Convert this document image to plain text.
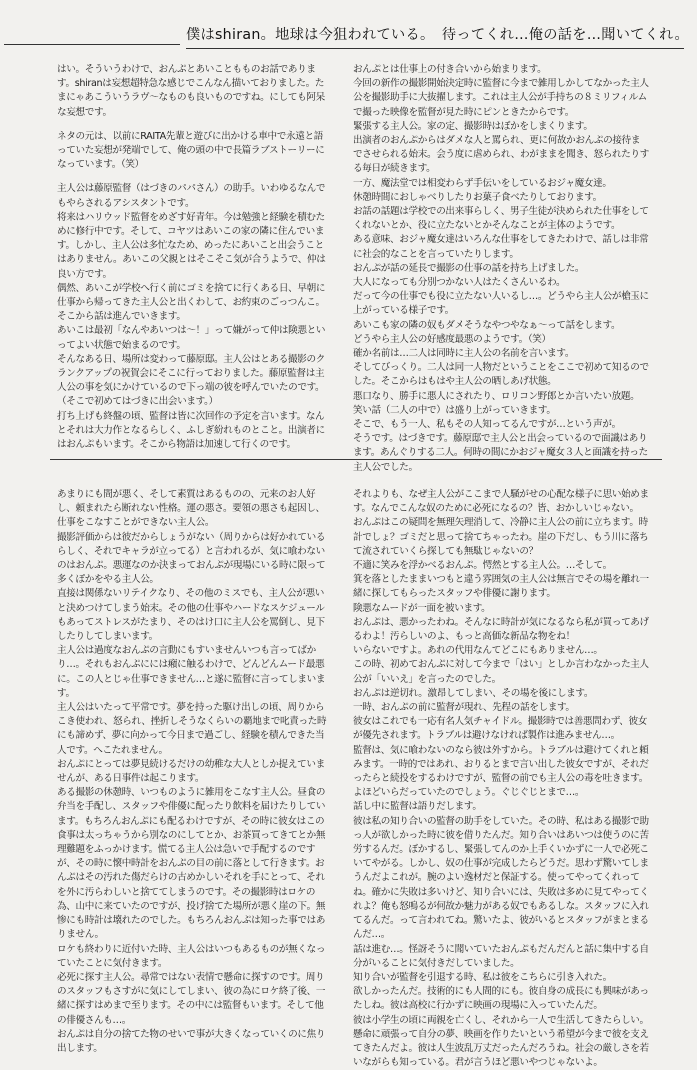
僕はshiran。地球は今狙われている。　待ってくれ…俺の話を…聞いてくれ。

はい。そういうわけで、おんぷとあいこともものお話であります。shiranは妄想超特急な感じでこんなん描いておりました。たまにゃあこういうラヴ～なものも良いものですね。にしても阿呆な妄想です。

ネタの元は、以前にRAITA先輩と遊びに出かける車中で永遠と語っていた妄想が発端でして、俺の頭の中で長篇ラブストーリーになっています。（笑）

主人公は藤原監督（はづきのパパさん）の助手。いわゆるなんでもやらされるアシスタントです。
将来はハリウッド監督をめざす好青年。今は勉強と経験を積むために修行中です。そして、コヤツはあいこの家の隣に住んでいます。しかし、主人公は多忙なため、めったにあいこと出会うことはありません。あいこの父親とはそこそこ気が合うようで、仲は良い方です。
偶然、あいこが学校へ行く前にゴミを捨てに行くある日、早朝に仕事から帰ってきた主人公と出くわして、お約束のごっつんこ。そこから話は進んでいきます。
あいこは最初「なんやあいつは～！」って嫌がって仲は険悪といってよい状態で始まるのです。
そんなある日、場所は変わって藤原邸。主人公はとある撮影のクランクアップの祝賀会にそこに行っておりました。藤原監督は主人公の事を気にかけているので下っ端の彼を呼んでいたのです。（そこで初めてはづきに出会います。）
打ち上げも終盤の頃、監督は皆に次回作の予定を言います。なんとそれは大力作となるらしく、ふしぎ紛れものとこと。出演者にはおんぷもいます。そこから物語は加速して行くのです。

おんぷとは仕事上の付き合いから始まります。
今回の新作の撮影開始決定時に監督に今まで雑用しかしてなかった主人公を撮影助手に大抜擢します。これは主人公が手持ちの８ミリフィルムで撮った映像を監督が見た時にピンときたからです。
緊張する主人公。家の定、撮影時はぼかをしまくります。
出演者のおんぷからはダメな人と罵られ、更に何故かおんぷの接待までさせられる始末。会う度に虐められ、わがままを聞き、怒られたりする毎日が続きます。
一方、魔法堂では相変わらず手伝いをしているおジャ魔女達。
休憩時間におしゃべりしたりお菓子食べたりしております。
お話の話題は学校での出来事らしく、男子生徒が決められた仕事をしてくれないとか、役に立たないとかそんなことが主体のようです。
ある意味、おジャ魔女達はいろんな仕事をしてきたわけで、話しは非常に社会的なことを言っていたりします。
おんぷが話の延長で撮影の仕事の話を持ち上げました。
大人になっても分別つかない人はたくさんいるわ。
だって今の仕事でも役に立たない人いるし…。どうやら主人公が槍玉に上がっている様子です。
あいこも家の隣の奴もダメそうなやつやなぁ～って話をします。
どうやら主人公の好感度最悪のようです。（笑）
確か名前は…二人は同時に主人公の名前を言います。
そしてびっくり。二人は同一人物だということをここで初めて知るのでした。そこからはもはや主人公の晒しあげ状態。
悪口なり、勝手に悪人にされたり、ロリコン野郎とか言いたい放題。
笑い話（二人の中で）は盛り上がっていきます。
そこで、もう一人、私もその人知ってるんですが…という声が。
そうです。はづきです。藤原邸で主人公と出会っているので面識はあります。あんぐりする二人。何時の間にかおジャ魔女３人と面識を持った主人公でした。

あまりにも間が悪く、そして素質はあるものの、元来のお人好し、頼まれたら断れない性格。運の悪さ。要領の悪さも起因し、仕事をこなすことができない主人公。
撮影評価からは彼だからしょうがない（周りからは好かれているらしく、それでキャラが立ってる）と言われるが、気に喰わないのはおんぷ。悪運なのか決まっておんぷが現場にいる時に限って多くぽかをやる主人公。
直接は関係ないリテイクなり、その他のミスでも、主人公が悪いと決めつけてしまう始末。その他の仕事やハードなスケジュールもあってストレスがたまり、そのはけ口に主人公を罵倒し、見下したりしてしまいます。
主人公は過度なおんぷの言動にもすいませんいつも言ってばかり…。それもおんぷにには癪に触るわけで、どんどんムード最悪に。この人とじゃ仕事できません…と遂に監督に言ってしまいます。
主人公はいたって平常です。夢を持った駆け出しの頃、周りからこき使われ、怒られ、挫折しそうなくらいの覇地まで叱責った時にも諦めず、夢に向かって今日まで過ごし、経験を積んできた当人です。へこたれません。
おんぷにとっては夢見続けるだけの幼稚な大人としか捉えていませんが、ある日事件は起こります。
ある撮影の休憩時、いつものように雑用をこなす主人公。昼食の弁当を手配し、スタッフや俳優に配ったり飲料を届けたりしています。もちろんおんぷにも配るわけですが、その時に彼女はこの食事は太っちゃうから別なのにしてとか、お茶買ってきてとか無理難題をふっかけます。慌てる主人公は急いで手配するのですが、その時に懐中時計をおんぷの目の前に落として行きます。おんぷはその汚れた傷だらけの古めかしいそれを手にとって、それを外に汚らわしいと捨ててしまうのです。その撮影時はロケの為、山中に来ていたのですが、投げ捨てた場所が悪く崖の下。無惨にも時計は壊れたのでした。もちろんおんぷは知った事ではありません。
ロケも終わりに近付いた時、主人公はいつもあるものが無くなっていたことに気付きます。
必死に探す主人公。尋常ではない表情で懸命に探すのです。周りのスタッフもさすがに気にしてしまい、彼の為にロケ終了後、一緒に探すはめまで至ります。その中には監督もいます。そして他の俳優さんも…。
おんぷは自分の捨てた物のせいで事が大きくなっていくのに焦り出します。

それよりも、なぜ主人公がここまで人騒がせの心配な様子に思い始めます。なんでこんな奴のために必死になるの？皆、おかしいじゃない。
おんぷはこの疑問を無理矢理消して、冷静に主人公の前に立ちます。時計でしょ？ゴミだと思って捨てちゃったわ。崖の下だし、もう川に落ちて流されていくら探しても無駄じゃないの？
不適に笑みを浮かべるおんぷ。愕然とする主人公。…そして。
箕を落としたままいつもと違う雰囲気の主人公は無言でその場を離れ一緒に探してもらったスタッフや俳優に謝ります。
険悪なムードが一面を被います。
おんぷは、悪かったわね。そんなに時計が気になるなら私が買ってあげるわよ！汚らしいのよ、もっと高価な新品な物をね！
いらないですよ。あれの代用なんてどこにもありません…。
この時、初めておんぷに対して今まで「はい」としか言わなかった主人公が「いいえ」を言ったのでした。
おんぷは逆切れ。激昂してしまい、その場を後にします。
一時、おんぷの前に監督が現れ、先程の話をします。
彼女はこれでも一応有名人気チャイドル。撮影時では善悪問わず、彼女が優先されます。トラブルは避けなければ製作は進みません…。
監督は、気に喰わないのなら彼は外すから。トラブルは避けてくれと頼みます。一時的ではあれ、おりるとまで言い出した彼女ですが、それだったらと続投をするわけですが、監督の前でも主人公の毒を吐きます。よほどいらだっていたのでしょう。ぐじぐじとまで…。
話し中に監督は語りだします。
彼は私の知り合いの監督の助手をしていた。その時、私はある撮影で助っ人が欲しかった時に彼を借りたんだ。知り合いはあいつは使うのに苦労するんだ。ぼかするし、緊張してんのか上手くいかずに一人で必死こいてやがる。しかし、奴の仕事が完成したらどうだ。思わず驚いてしまうんだよこれが。腕のよい逸材だと保証する。使ってやってくれってね。確かに失敗は多いけど、知り合いには、失敗は多めに見てやってくれよ？俺も怒鳴るが何故か魅力がある奴でもあるしな。スタッフに入れてるんだ。って言われてね。驚いたよ、彼がいるとスタッフがまとまるんだ…。
話は進む…。怪訝そうに聞いていたおんぷもだんだんと話に集中する自分がいることに気付きだしていました。
知り合いが監督を引退する時、私は彼をこちらに引き入れた。
欲しかったんだ。技術的にも人間的にも。彼自身の成長にも興味があったしね。彼は高校に行かずに映画の現場に入っていたんだ。
彼は小学生の頃に両親を亡くし、それから一人で生活してきたらしい。懸命に頑張って自分の夢、映画を作りたいという希望が今まで彼を支えてきたんだよ。彼は人生波乱万丈だったんだろうね。社会の厳しさを若いながらも知っている。君が言うほど悪いやつじゃないよ。
